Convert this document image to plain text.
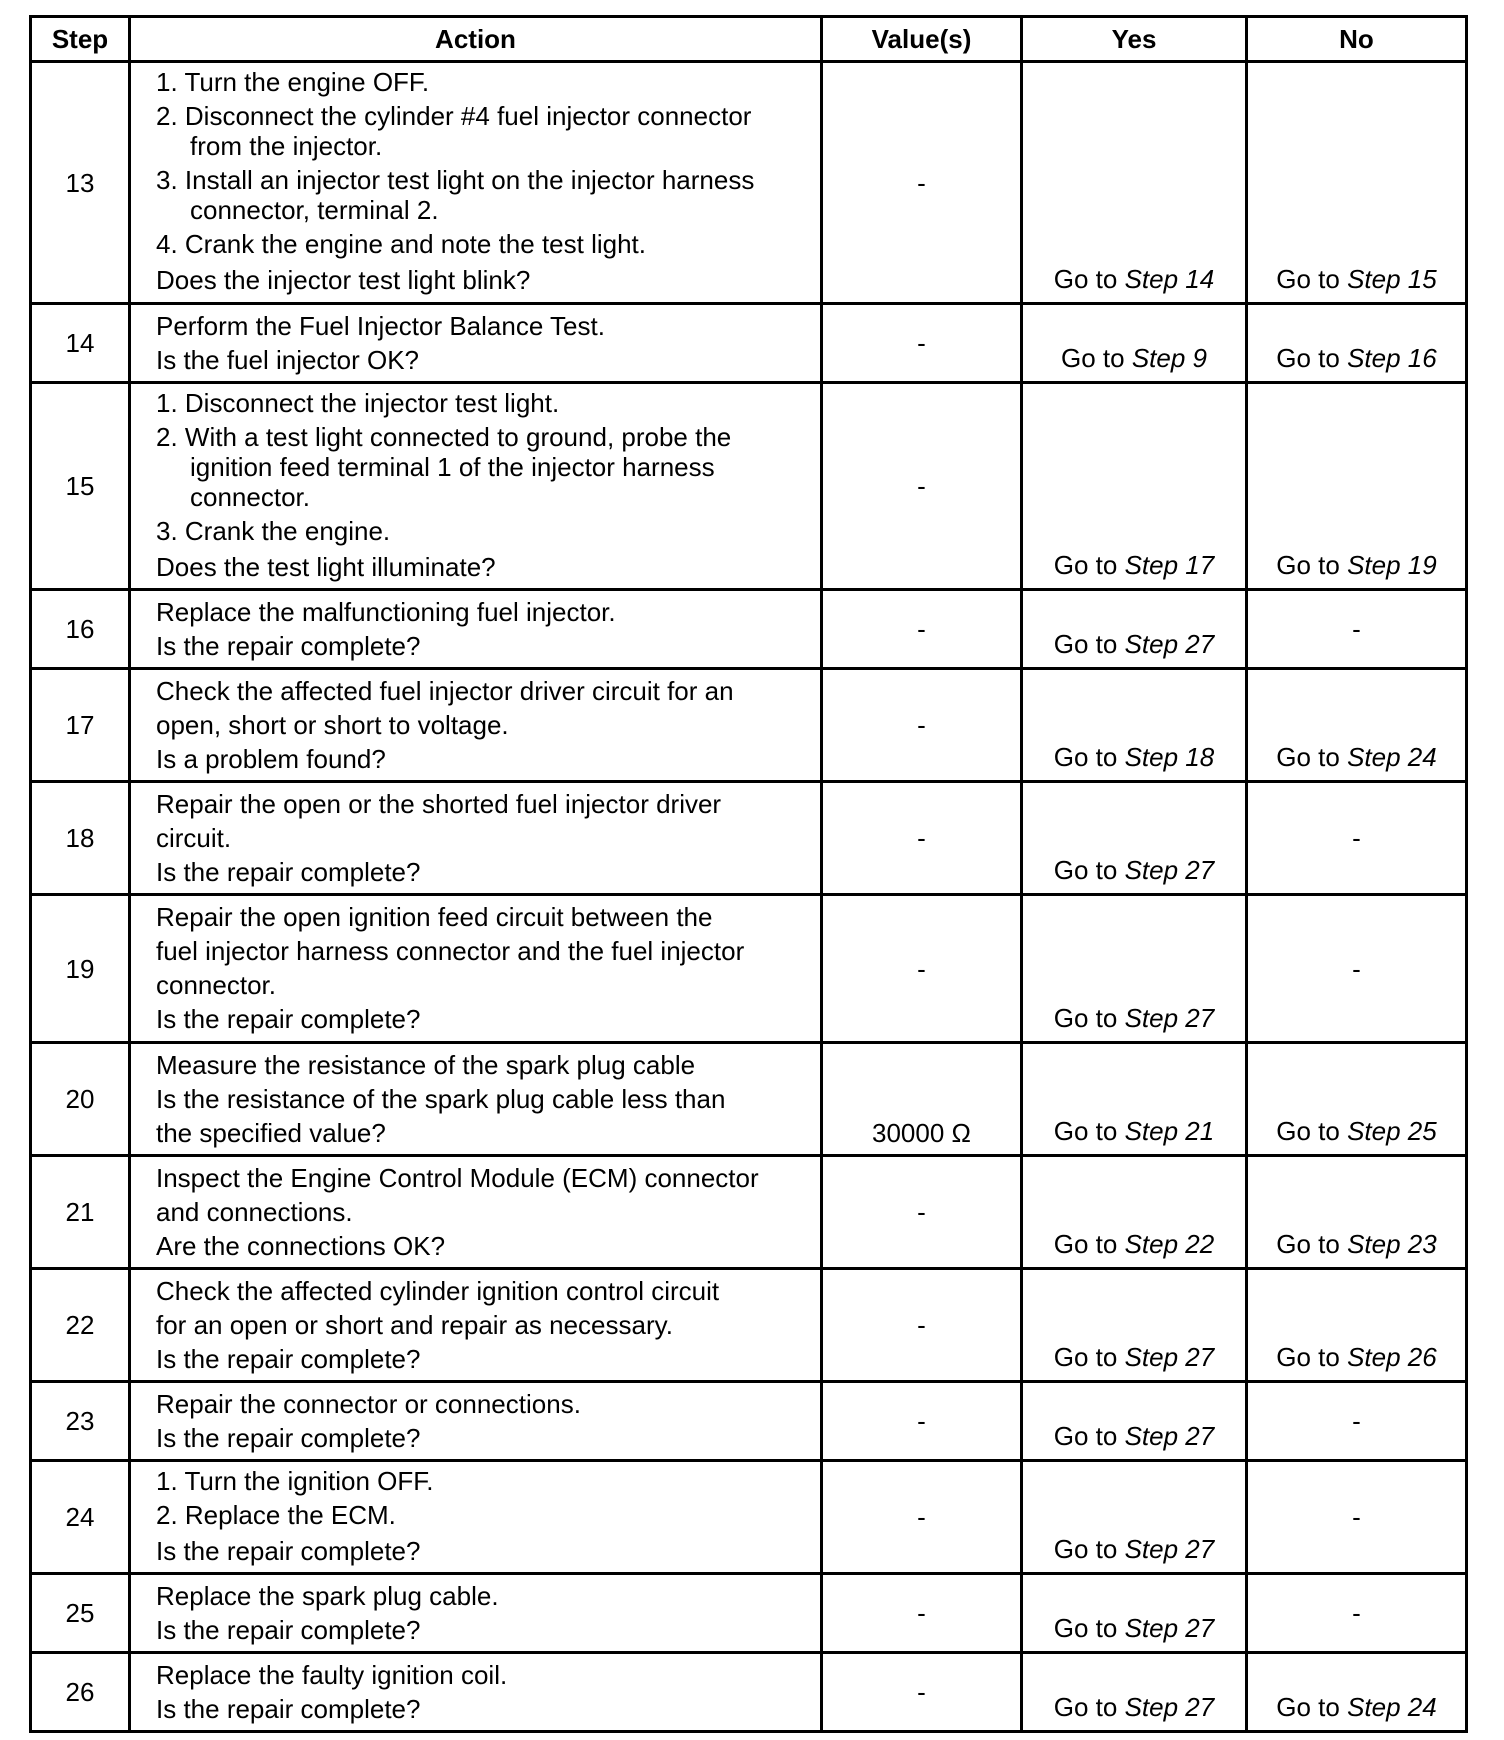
Step	Action	Value(s)	Yes	No
13	1. Turn the engine OFF.
2. Disconnect the cylinder #4 fuel injector connector from the injector.
3. Install an injector test light on the injector harness connector, terminal 2.
4. Crank the engine and note the test light.
Does the injector test light blink?	-	Go to Step 14	Go to Step 15
14	Perform the Fuel Injector Balance Test.
Is the fuel injector OK?	-	Go to Step 9	Go to Step 16
15	1. Disconnect the injector test light.
2. With a test light connected to ground, probe the ignition feed terminal 1 of the injector harness connector.
3. Crank the engine.
Does the test light illuminate?	-	Go to Step 17	Go to Step 19
16	Replace the malfunctioning fuel injector.
Is the repair complete?	-	Go to Step 27	-
17	Check the affected fuel injector driver circuit for an
open, short or short to voltage.
Is a problem found?	-	Go to Step 18	Go to Step 24
18	Repair the open or the shorted fuel injector driver
circuit.
Is the repair complete?	-	Go to Step 27	-
19	Repair the open ignition feed circuit between the
fuel injector harness connector and the fuel injector
connector.
Is the repair complete?	-	Go to Step 27	-
20	Measure the resistance of the spark plug cable
Is the resistance of the spark plug cable less than
the specified value?	30000 Ω	Go to Step 21	Go to Step 25
21	Inspect the Engine Control Module (ECM) connector
and connections.
Are the connections OK?	-	Go to Step 22	Go to Step 23
22	Check the affected cylinder ignition control circuit
for an open or short and repair as necessary.
Is the repair complete?	-	Go to Step 27	Go to Step 26
23	Repair the connector or connections.
Is the repair complete?	-	Go to Step 27	-
24	1. Turn the ignition OFF.
2. Replace the ECM.
Is the repair complete?	-	Go to Step 27	-
25	Replace the spark plug cable.
Is the repair complete?	-	Go to Step 27	-
26	Replace the faulty ignition coil.
Is the repair complete?	-	Go to Step 27	Go to Step 24
